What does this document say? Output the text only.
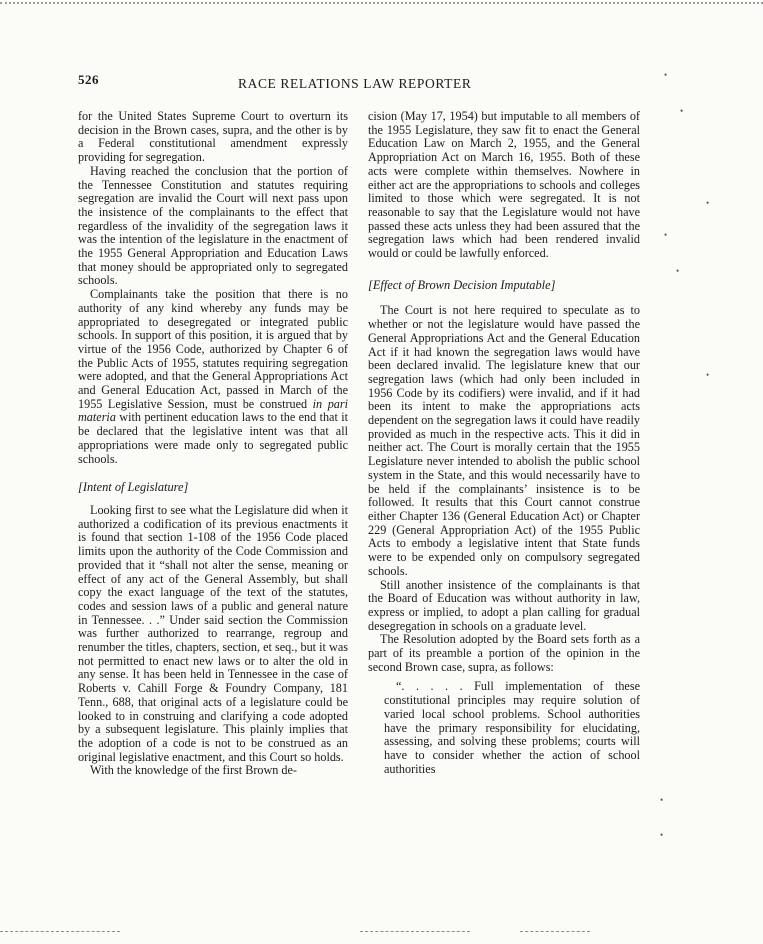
526	RACE RELATIONS LAW REPORTER

for the United States Supreme Court to overturn its decision in the Brown cases, supra, and the other is by a Federal constitutional amendment expressly providing for segregation.

Having reached the conclusion that the portion of the Tennessee Constitution and statutes requiring segregation are invalid the Court will next pass upon the insistence of the complainants to the effect that regardless of the invalidity of the segregation laws it was the intention of the legislature in the enactment of the 1955 General Appropriation and Education Laws that money should be appropriated only to segregated schools.

Complainants take the position that there is no authority of any kind whereby any funds may be appropriated to desegregated or integrated public schools. In support of this position, it is argued that by virtue of the 1956 Code, authorized by Chapter 6 of the Public Acts of 1955, statutes requiring segregation were adopted, and that the General Appropriations Act and General Education Act, passed in March of the 1955 Legislative Session, must be construed in pari materia with pertinent education laws to the end that it be declared that the legislative intent was that all appropriations were made only to segregated public schools.

[Intent of Legislature]

Looking first to see what the Legislature did when it authorized a codification of its previous enactments it is found that section 1-108 of the 1956 Code placed limits upon the authority of the Code Commission and provided that it “shall not alter the sense, meaning or effect of any act of the General Assembly, but shall copy the exact language of the text of the statutes, codes and session laws of a public and general nature in Tennessee. . .” Under said section the Commission was further authorized to rearrange, regroup and renumber the titles, chapters, section, et seq., but it was not permitted to enact new laws or to alter the old in any sense. It has been held in Tennessee in the case of Roberts v. Cahill Forge & Foundry Company, 181 Tenn., 688, that original acts of a legislature could be looked to in construing and clarifying a code adopted by a subsequent legislature. This plainly implies that the adoption of a code is not to be construed as an original legislative enactment, and this Court so holds.

With the knowledge of the first Brown de-

cision (May 17, 1954) but imputable to all members of the 1955 Legislature, they saw fit to enact the General Education Law on March 2, 1955, and the General Appropriation Act on March 16, 1955. Both of these acts were complete within themselves. Nowhere in either act are the appropriations to schools and colleges limited to those which were segregated. It is not reasonable to say that the Legislature would not have passed these acts unless they had been assured that the segregation laws which had been rendered invalid would or could be lawfully enforced.

[Effect of Brown Decision Imputable]

The Court is not here required to speculate as to whether or not the legislature would have passed the General Appropriations Act and the General Education Act if it had known the segregation laws would have been declared invalid. The legislature knew that our segregation laws (which had only been included in 1956 Code by its codifiers) were invalid, and if it had been its intent to make the appropriations acts dependent on the segregation laws it could have readily provided as much in the respective acts. This it did in neither act. The Court is morally certain that the 1955 Legislature never intended to abolish the public school system in the State, and this would necessarily have to be held if the complainants’ insistence is to be followed. It results that this Court cannot construe either Chapter 136 (General Education Act) or Chapter 229 (General Appropriation Act) of the 1955 Public Acts to embody a legislative intent that State funds were to be expended only on compulsory segregated schools.

Still another insistence of the complainants is that the Board of Education was without authority in law, express or implied, to adopt a plan calling for gradual desegregation in schools on a graduate level.

The Resolution adopted by the Board sets forth as a part of its preamble a portion of the opinion in the second Brown case, supra, as follows:

“. . . . . Full implementation of these constitutional principles may require solution of varied local school problems. School authorities have the primary responsibility for elucidating, assessing, and solving these problems; courts will have to consider whether the action of school authorities

•
•
•
•
•
•
•
•
